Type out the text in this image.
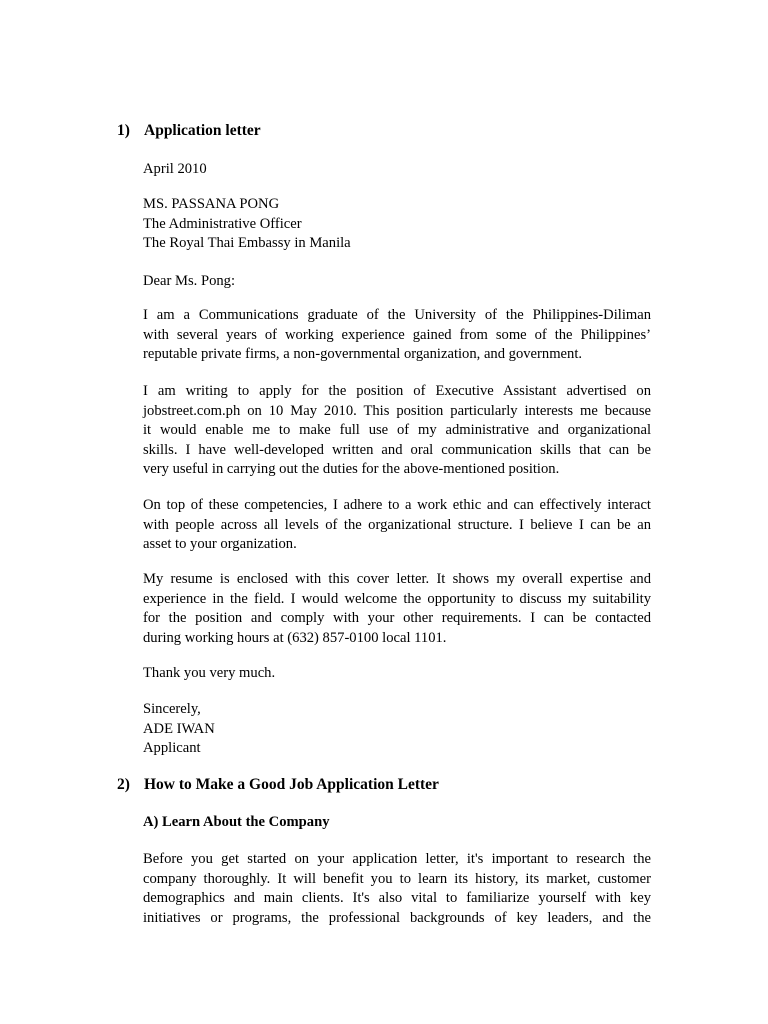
1) Application letter
April 2010
MS. PASSANA PONG
The Administrative Officer
The Royal Thai Embassy in Manila
Dear Ms. Pong:
I am a Communications graduate of the University of the Philippines-Diliman
with several years of working experience gained from some of the Philippines’
reputable private firms, a non-governmental organization, and government.
I am writing to apply for the position of Executive Assistant advertised on
jobstreet.com.ph on 10 May 2010. This position particularly interests me because
it would enable me to make full use of my administrative and organizational
skills. I have well-developed written and oral communication skills that can be
very useful in carrying out the duties for the above-mentioned position.
On top of these competencies, I adhere to a work ethic and can effectively interact
with people across all levels of the organizational structure. I believe I can be an
asset to your organization.
My resume is enclosed with this cover letter. It shows my overall expertise and
experience in the field. I would welcome the opportunity to discuss my suitability
for the position and comply with your other requirements. I can be contacted
during working hours at (632) 857-0100 local 1101.
Thank you very much.
Sincerely,
ADE IWAN
Applicant
2) How to Make a Good Job Application Letter
A) Learn About the Company
Before you get started on your application letter, it's important to research the
company thoroughly. It will benefit you to learn its history, its market, customer
demographics and main clients. It's also vital to familiarize yourself with key
initiatives or programs, the professional backgrounds of key leaders, and the
